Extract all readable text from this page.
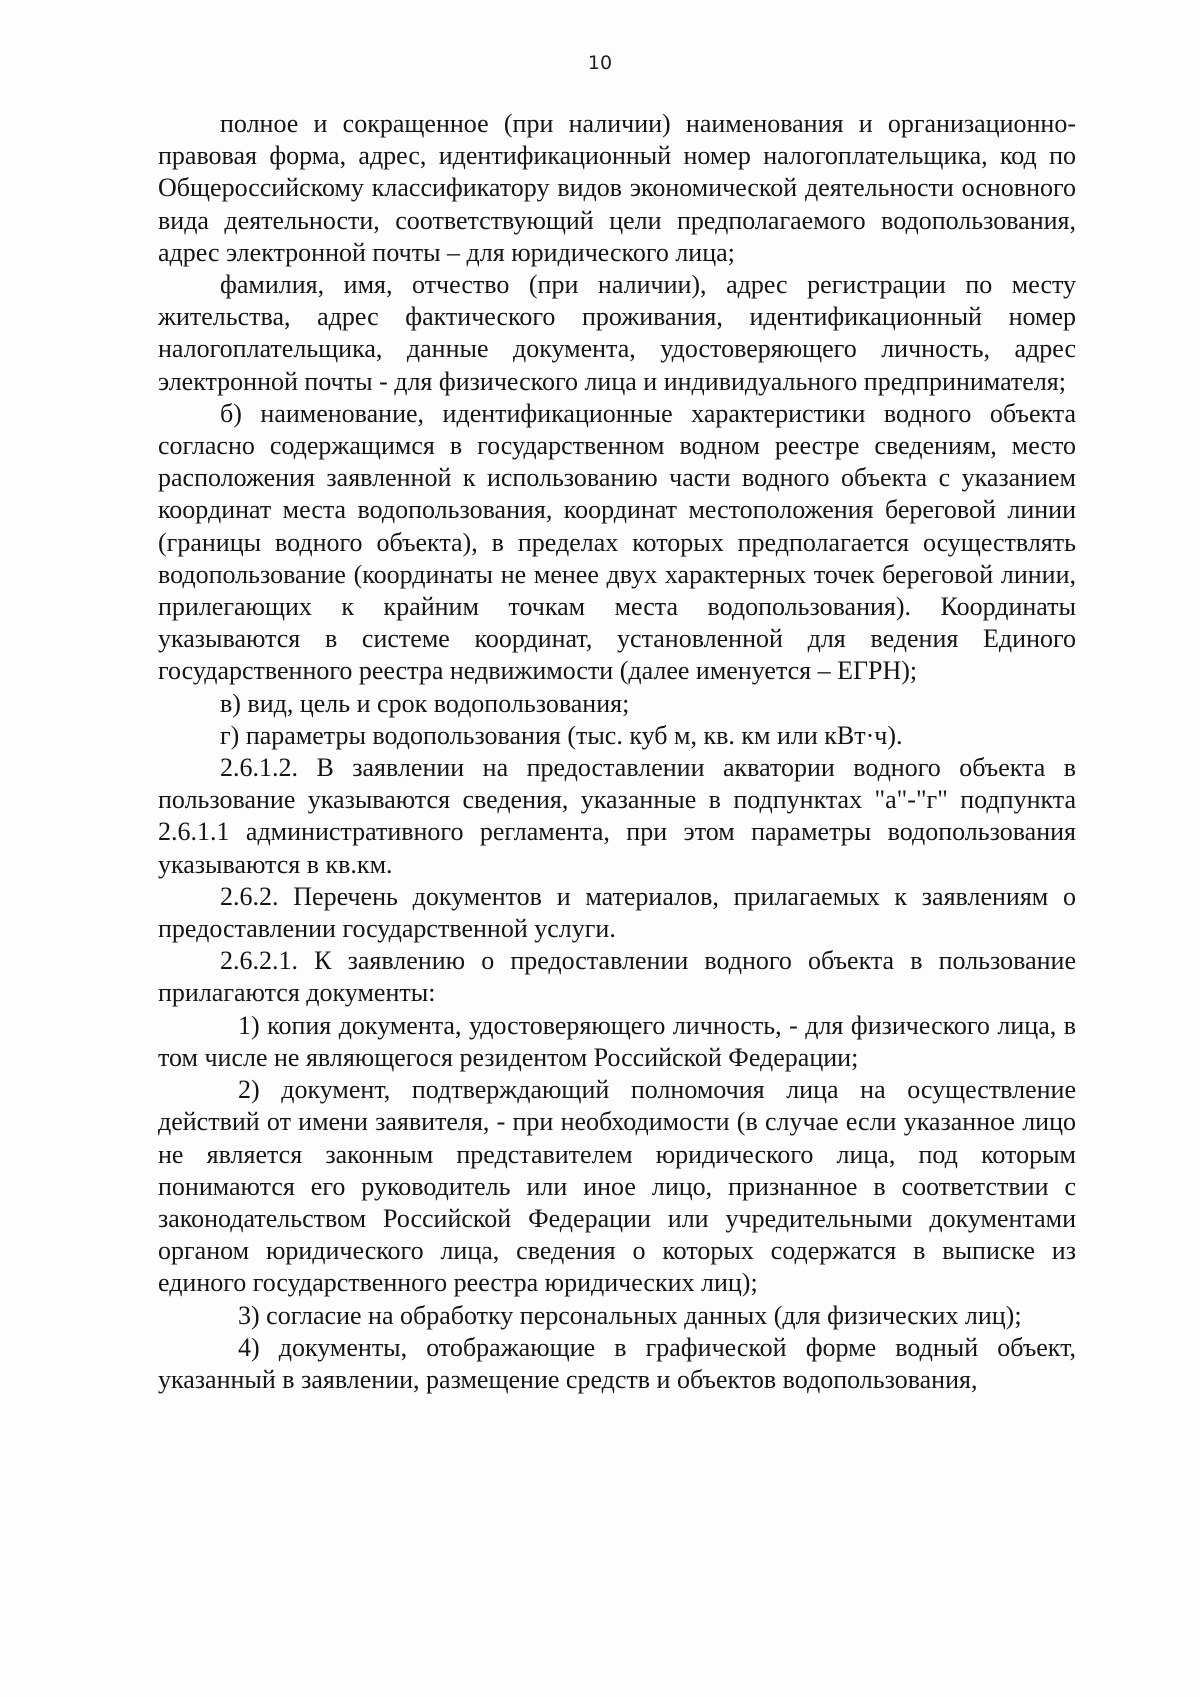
10

полное и сокращенное (при наличии) наименования и организационно-правовая форма, адрес, идентификационный номер налогоплательщика, код по Общероссийскому классификатору видов экономической деятельности основного вида деятельности, соответствующий цели предполагаемого водопользования, адрес электронной почты – для юридического лица;

фамилия, имя, отчество (при наличии), адрес регистрации по месту жительства, адрес фактического проживания, идентификационный номер налогоплательщика, данные документа, удостоверяющего личность, адрес электронной почты - для физического лица и индивидуального предпринимателя;

б) наименование, идентификационные характеристики водного объекта согласно содержащимся в государственном водном реестре сведениям, место расположения заявленной к использованию части водного объекта с указанием координат места водопользования, координат местоположения береговой линии (границы водного объекта), в пределах которых предполагается осуществлять водопользование (координаты не менее двух характерных точек береговой линии, прилегающих к крайним точкам места водопользования). Координаты указываются в системе координат, установленной для ведения Единого государственного реестра недвижимости (далее именуется – ЕГРН);

в) вид, цель и срок водопользования;

г) параметры водопользования (тыс. куб м, кв. км или кВт·ч).

2.6.1.2. В заявлении на предоставлении акватории водного объекта в пользование указываются сведения, указанные в подпунктах "а"-"г" подпункта 2.6.1.1 административного регламента, при этом параметры водопользования указываются в кв.км.

2.6.2. Перечень документов и материалов, прилагаемых к заявлениям о предоставлении государственной услуги.

2.6.2.1. К заявлению о предоставлении водного объекта в пользование прилагаются документы:

1) копия документа, удостоверяющего личность, - для физического лица, в том числе не являющегося резидентом Российской Федерации;

2) документ, подтверждающий полномочия лица на осуществление действий от имени заявителя, - при необходимости (в случае если указанное лицо не является законным представителем юридического лица, под которым понимаются его руководитель или иное лицо, признанное в соответствии с законодательством Российской Федерации или учредительными документами органом юридического лица, сведения о которых содержатся в выписке из единого государственного реестра юридических лиц);

3) согласие на обработку персональных данных (для физических лиц);

4) документы, отображающие в графической форме водный объект, указанный в заявлении, размещение средств и объектов водопользования,
